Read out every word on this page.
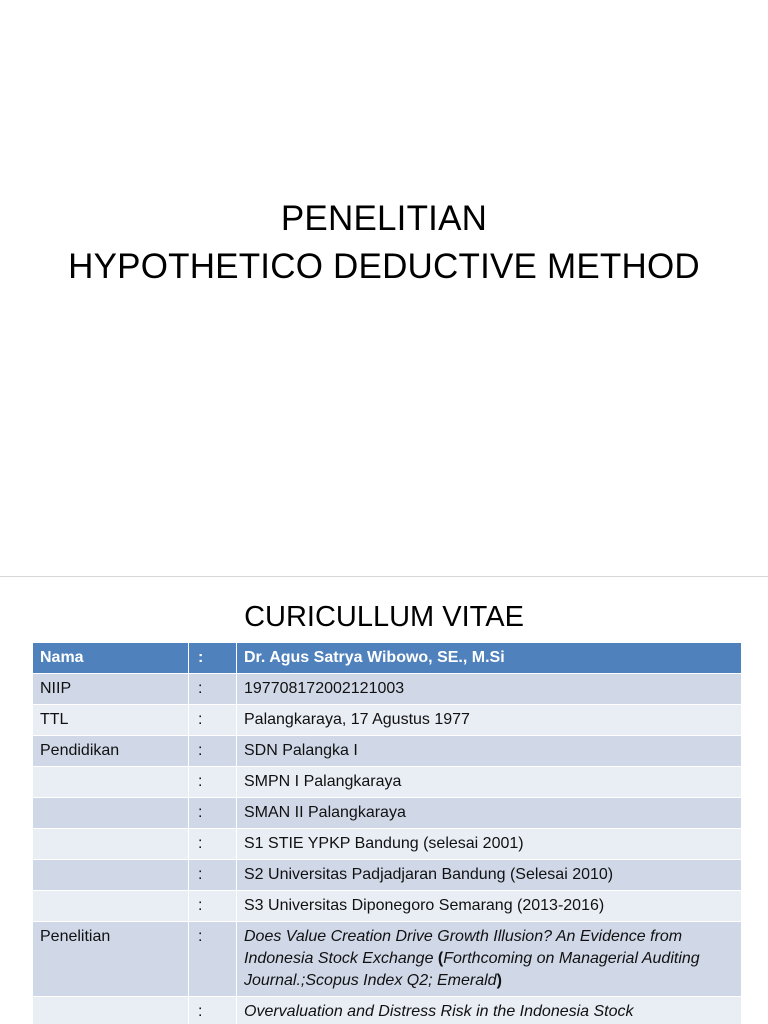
PENELITIAN
HYPOTHETICO DEDUCTIVE METHOD
CURICULLUM VITAE
Nama	:	Dr. Agus Satrya Wibowo, SE., M.Si
NIIP	:	197708172002121003
TTL	:	Palangkaraya, 17 Agustus 1977
Pendidikan	:	SDN Palangka I
	:	SMPN I Palangkaraya
	:	SMAN II Palangkaraya
	:	S1 STIE YPKP Bandung (selesai 2001)
	:	S2 Universitas Padjadjaran Bandung (Selesai 2010)
	:	S3 Universitas Diponegoro Semarang (2013-2016)
Penelitian	:	Does Value Creation Drive Growth Illusion? An Evidence from Indonesia Stock Exchange (Forthcoming on Managerial Auditing Journal.;Scopus Index Q2; Emerald)
	:	Overvaluation and Distress Risk in the Indonesia Stock
